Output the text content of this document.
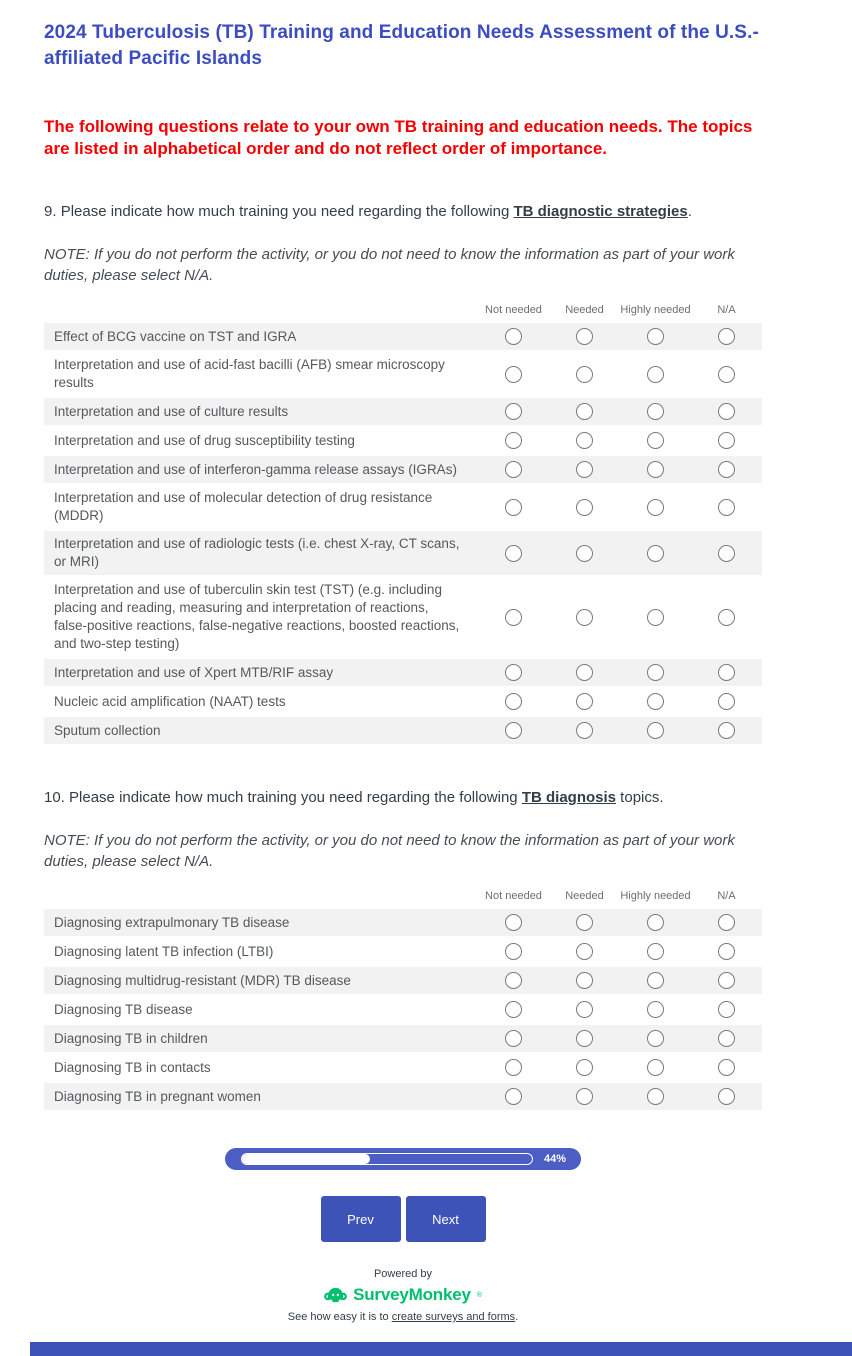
2024 Tuberculosis (TB) Training and Education Needs Assessment of the U.S.-affiliated Pacific Islands

The following questions relate to your own TB training and education needs. The topics are listed in alphabetical order and do not reflect order of importance.

9. Please indicate how much training you need regarding the following TB diagnostic strategies.

NOTE: If you do not perform the activity, or you do not need to know the information as part of your work duties, please select N/A.

Not needed	Needed	Highly needed	N/A
Effect of BCG vaccine on TST and IGRA
Interpretation and use of acid-fast bacilli (AFB) smear microscopy results
Interpretation and use of culture results
Interpretation and use of drug susceptibility testing
Interpretation and use of interferon-gamma release assays (IGRAs)
Interpretation and use of molecular detection of drug resistance (MDDR)
Interpretation and use of radiologic tests (i.e. chest X-ray, CT scans, or MRI)
Interpretation and use of tuberculin skin test (TST) (e.g. including placing and reading, measuring and interpretation of reactions, false-positive reactions, false-negative reactions, boosted reactions, and two-step testing)
Interpretation and use of Xpert MTB/RIF assay
Nucleic acid amplification (NAAT) tests
Sputum collection

10. Please indicate how much training you need regarding the following TB diagnosis topics.

NOTE: If you do not perform the activity, or you do not need to know the information as part of your work duties, please select N/A.

Not needed	Needed	Highly needed	N/A
Diagnosing extrapulmonary TB disease
Diagnosing latent TB infection (LTBI)
Diagnosing multidrug-resistant (MDR) TB disease
Diagnosing TB disease
Diagnosing TB in children
Diagnosing TB in contacts
Diagnosing TB in pregnant women
44%
Prev	Next
Powered by
SurveyMonkey ®
See how easy it is to create surveys and forms.
